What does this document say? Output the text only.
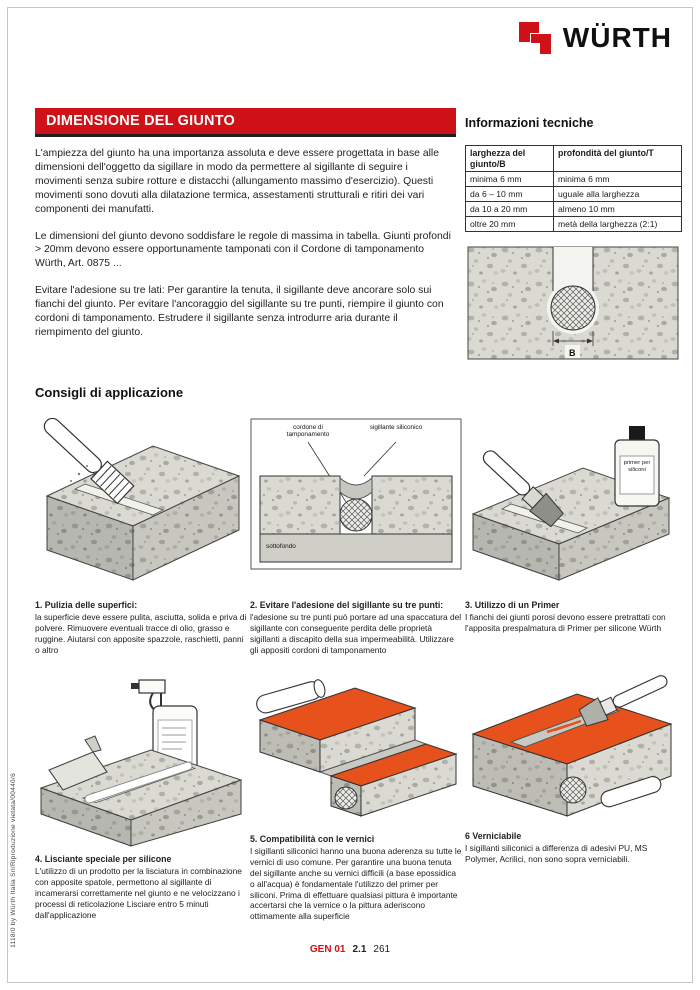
WÜRTH
DIMENSIONE DEL GIUNTO

L'ampiezza del giunto ha una importanza assoluta e deve essere progettata in base alle dimensioni dell'oggetto da sigillare in modo da permettere al sigillante di seguire i movimenti senza subire rotture e distacchi (allungamento massimo d'esercizio). Questi movimenti sono dovuti alla dilatazione termica, assestamenti strutturali e ritiri dei vari componenti dei manufatti.

Le dimensioni del giunto devono soddisfare le regole di massima in tabella. Giunti profondi > 20mm devono essere opportunamente tamponati con il Cordone di tamponamento Würth, Art. 0875 ...

Evitare l'adesione su tre lati: Per garantire la tenuta, il sigillante deve ancorare solo sui fianchi del giunto. Per evitare l'ancoraggio del sigillante su tre punti, riempire il giunto con cordoni di tamponamento. Estrudere il sigillante senza introdurre aria durante il riempimento del giunto.

Informazioni tecniche
larghezza del giunto/B	profondità del giunto/T
minima 6 mm	minima 6 mm
da 6 – 10 mm	uguale alla larghezza
da 10 a 20 mm	almeno 10 mm
oltre 20 mm	metà della larghezza (2:1)
B
Consigli di applicazione
1. Pulizia delle superfici:
la superficie deve essere pulita, asciutta, solida e priva di polvere. Rimuovere eventuali tracce di olio, grasso e ruggine. Aiutarsi con apposite spazzole, raschietti, panni o altro
cordone di tamponamento
sigillante siliconico
sottofondo
2. Evitare l'adesione del sigillante su tre punti:
l'adesione su tre punti può portare ad una spaccatura del sigillante con conseguente perdita delle proprietà sigillanti a discapito della sua impermeabilità. Utilizzare gli appositi cordoni di tamponamento
primer per siliconi
3. Utilizzo di un Primer
I fianchi dei giunti porosi devono essere pretrattati con l'apposita prespalmatura di Primer per silicone Würth
4. Lisciante speciale per silicone
L'utilizzo di un prodotto per la lisciatura in combinazione con apposite spatole, permettono al sigillante di incamerarsi correttamente nel giunto e ne velocizzano i processi di reticolazione Lisciare entro 5 minuti dall'applicazione
5. Compatibilità con le vernici
I sigillanti siliconici hanno una buona aderenza su tutte le vernici di uso comune. Per garantire una buona tenuta del sigillante anche su vernici difficili (a base epossidica o all'acqua) è fondamentale l'utilizzo del primer per siliconi. Prima di effettuare qualsiasi pittura è importante accertarsi che la vernice o la pittura aderiscono ottimamente alla superficie
6 Verniciabile
I sigillanti siliconici a differenza di adesivi PU, MS Polymer, Acrilici, non sono sopra verniciabili.
1118/0 by Würth Italia Srl/Riproduzione vietata/00440/6
GEN 01 2.1 261
